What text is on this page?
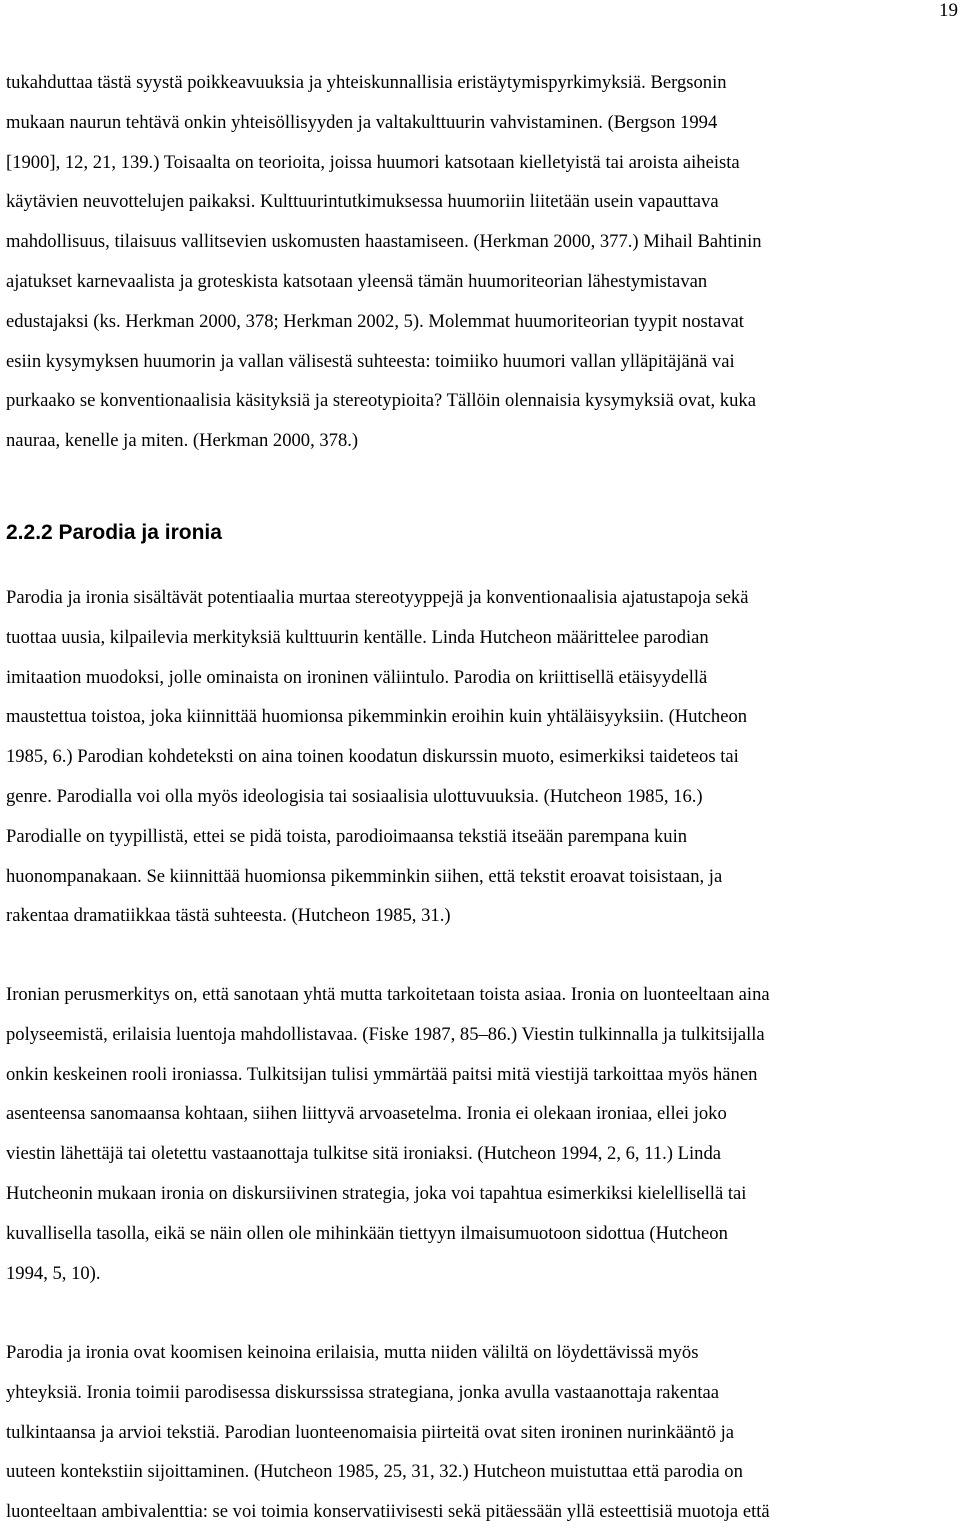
19
tukahduttaa tästä syystä poikkeavuuksia ja yhteiskunnallisia eristäytymispyrkimyksiä. Bergsonin
mukaan naurun tehtävä onkin yhteisöllisyyden ja valtakulttuurin vahvistaminen. (Bergson 1994
[1900], 12, 21, 139.) Toisaalta on teorioita, joissa huumori katsotaan kielletyistä tai aroista aiheista
käytävien neuvottelujen paikaksi. Kulttuurintutkimuksessa huumoriin liitetään usein vapauttava
mahdollisuus, tilaisuus vallitsevien uskomusten haastamiseen. (Herkman 2000, 377.) Mihail Bahtinin
ajatukset karnevaalista ja groteskista katsotaan yleensä tämän huumoriteorian lähestymistavan
edustajaksi (ks. Herkman 2000, 378; Herkman 2002, 5). Molemmat huumoriteorian tyypit nostavat
esiin kysymyksen huumorin ja vallan välisestä suhteesta: toimiiko huumori vallan ylläpitäjänä vai
purkaako se konventionaalisia käsityksiä ja stereotypioita? Tällöin olennaisia kysymyksiä ovat, kuka
nauraa, kenelle ja miten. (Herkman 2000, 378.)
2.2.2 Parodia ja ironia
Parodia ja ironia sisältävät potentiaalia murtaa stereotyyppejä ja konventionaalisia ajatustapoja sekä
tuottaa uusia, kilpailevia merkityksiä kulttuurin kentälle. Linda Hutcheon määrittelee parodian
imitaation muodoksi, jolle ominaista on ironinen väliintulo. Parodia on kriittisellä etäisyydellä
maustettua toistoa, joka kiinnittää huomionsa pikemminkin eroihin kuin yhtäläisyyksiin. (Hutcheon
1985, 6.) Parodian kohdeteksti on aina toinen koodatun diskurssin muoto, esimerkiksi taideteos tai
genre. Parodialla voi olla myös ideologisia tai sosiaalisia ulottuvuuksia. (Hutcheon 1985, 16.)
Parodialle on tyypillistä, ettei se pidä toista, parodioimaansa tekstiä itseään parempana kuin
huonompanakaan. Se kiinnittää huomionsa pikemminkin siihen, että tekstit eroavat toisistaan, ja
rakentaa dramatiikkaa tästä suhteesta. (Hutcheon 1985, 31.)
Ironian perusmerkitys on, että sanotaan yhtä mutta tarkoitetaan toista asiaa. Ironia on luonteeltaan aina
polyseemistä, erilaisia luentoja mahdollistavaa. (Fiske 1987, 85–86.) Viestin tulkinnalla ja tulkitsijalla
onkin keskeinen rooli ironiassa. Tulkitsijan tulisi ymmärtää paitsi mitä viestijä tarkoittaa myös hänen
asenteensa sanomaansa kohtaan, siihen liittyvä arvoasetelma. Ironia ei olekaan ironiaa, ellei joko
viestin lähettäjä tai oletettu vastaanottaja tulkitse sitä ironiaksi. (Hutcheon 1994, 2, 6, 11.) Linda
Hutcheonin mukaan ironia on diskursiivinen strategia, joka voi tapahtua esimerkiksi kielellisellä tai
kuvallisella tasolla, eikä se näin ollen ole mihinkään tiettyyn ilmaisumuotoon sidottua (Hutcheon
1994, 5, 10).
Parodia ja ironia ovat koomisen keinoina erilaisia, mutta niiden väliltä on löydettävissä myös
yhteyksiä. Ironia toimii parodisessa diskurssissa strategiana, jonka avulla vastaanottaja rakentaa
tulkintaansa ja arvioi tekstiä. Parodian luonteenomaisia piirteitä ovat siten ironinen nurinkääntö ja
uuteen kontekstiin sijoittaminen. (Hutcheon 1985, 25, 31, 32.) Hutcheon muistuttaa että parodia on
luonteeltaan ambivalenttia: se voi toimia konservatiivisesti sekä pitäessään yllä esteettisiä muotoja että
